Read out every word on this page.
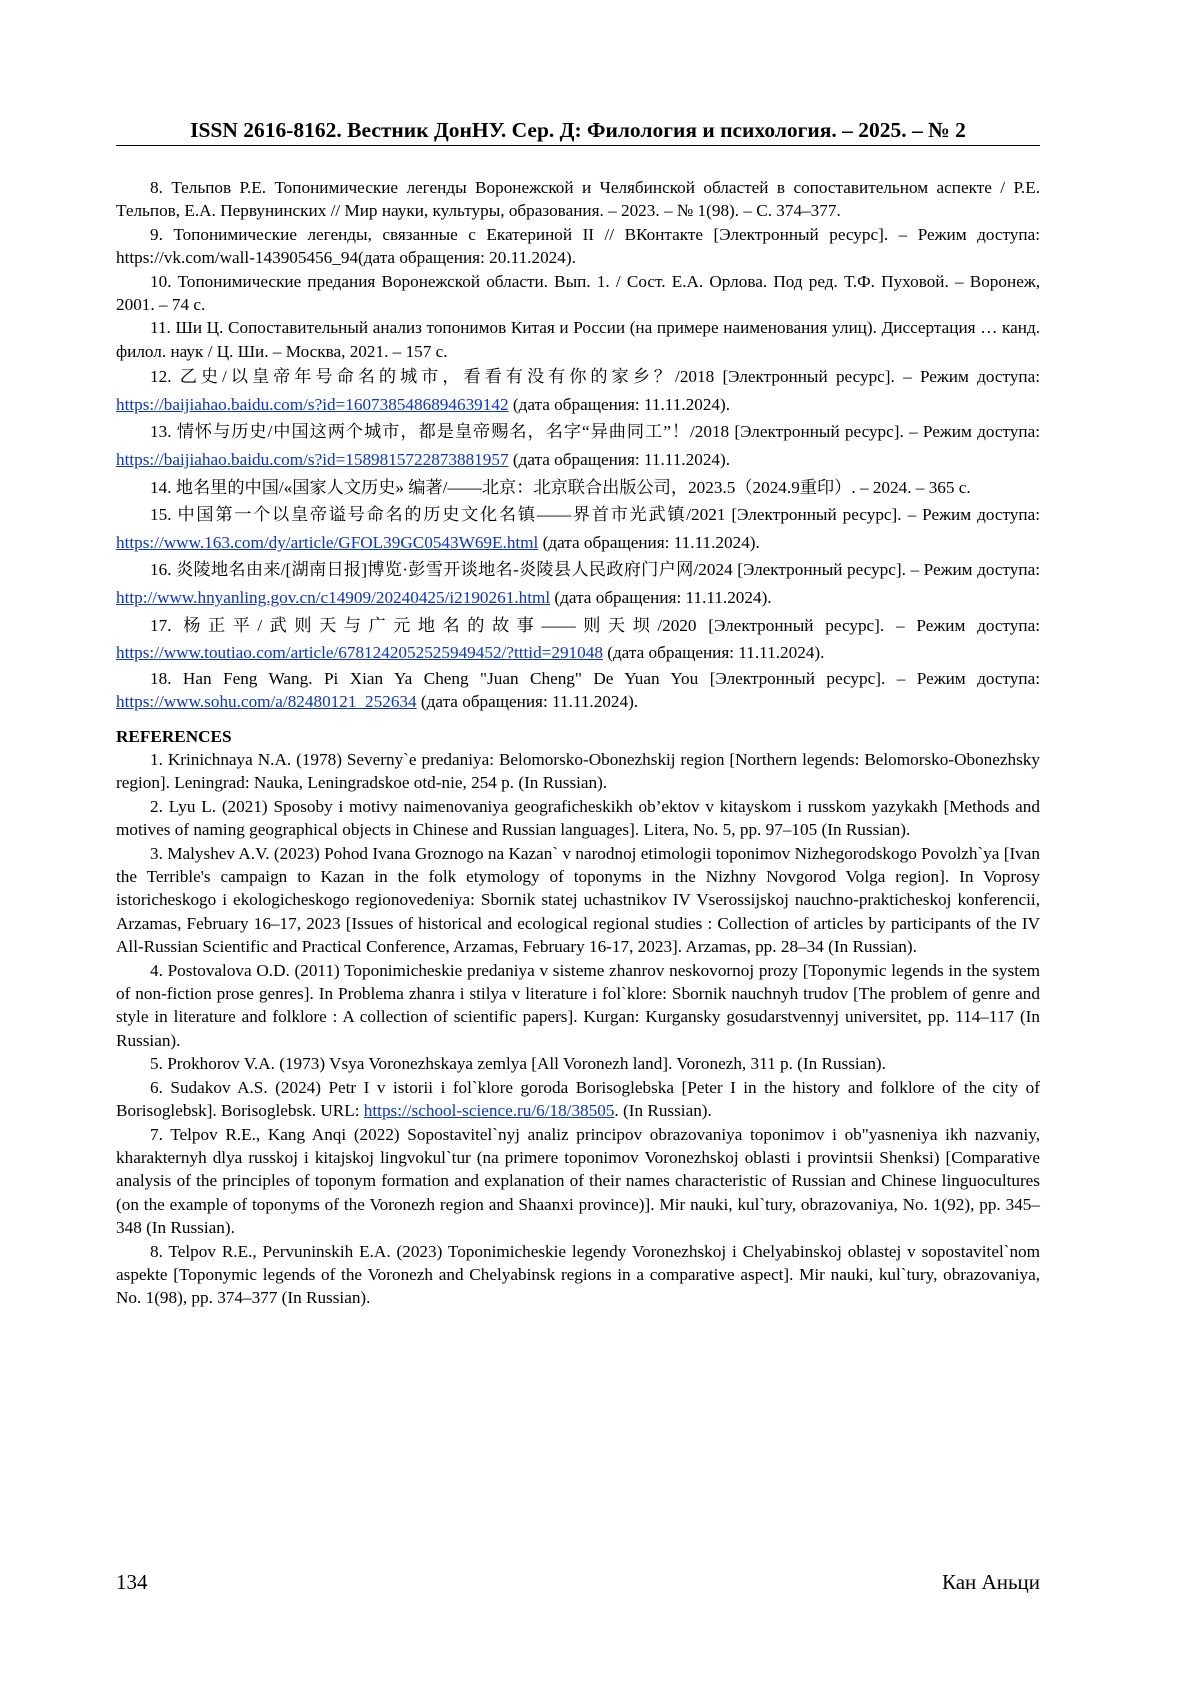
ISSN 2616-8162. Вестник ДонНУ. Сер. Д: Филология и психология. – 2025. – № 2

8. Тельпов Р.Е. Топонимические легенды Воронежской и Челябинской областей в сопоставительном аспекте / Р.Е. Тельпов, Е.А. Первунинских // Мир науки, культуры, образования. – 2023. – № 1(98). – С. 374–377.

9. Топонимические легенды, связанные с Екатериной II // ВКонтакте [Электронный ресурс]. – Режим доступа: https://vk.com/wall-143905456_94(дата обращения: 20.11.2024).

10. Топонимические предания Воронежской области. Вып. 1. / Сост. Е.А. Орлова. Под ред. Т.Ф. Пуховой. – Воронеж, 2001. – 74 с.

11. Ши Ц. Сопоставительный анализ топонимов Китая и России (на примере наименования улиц). Диссертация … канд. филол. наук / Ц. Ши. – Москва, 2021. – 157 с.

12. 乙史/以皇帝年号命名的城市，看看有没有你的家乡？/2018 [Электронный ресурс]. – Режим доступа: https://baijiahao.baidu.com/s?id=1607385486894639142 (дата обращения: 11.11.2024).

13. 情怀与历史/中国这两个城市，都是皇帝赐名，名字“异曲同工”！/2018 [Электронный ресурс]. – Режим доступа: https://baijiahao.baidu.com/s?id=1589815722873881957 (дата обращения: 11.11.2024).

14. 地名里的中国/«国家人文历史» 编著/——北京：北京联合出版公司，2023.5（2024.9重印）. – 2024. – 365 с.

15. 中国第一个以皇帝谥号命名的历史文化名镇——界首市光武镇/2021 [Электронный ресурс]. – Режим доступа: https://www.163.com/dy/article/GFOL39GC0543W69E.html (дата обращения: 11.11.2024).

16. 炎陵地名由来/[湖南日报]博览·彭雪开谈地名-炎陵县人民政府门户网/2024 [Электронный ресурс]. – Режим доступа: http://www.hnyanling.gov.cn/c14909/20240425/i2190261.html (дата обращения: 11.11.2024).

17. 杨正平/武则天与广元地名的故事——则天坝/2020 [Электронный ресурс]. – Режим доступа: https://www.toutiao.com/article/6781242052525949452/?tttid=291048 (дата обращения: 11.11.2024).

18. Han Feng Wang. Pi Xian Ya Cheng "Juan Cheng" De Yuan You [Электронный ресурс]. – Режим доступа: https://www.sohu.com/a/82480121_252634 (дата обращения: 11.11.2024).

REFERENCES

1. Krinichnaya N.A. (1978) Severny`e predaniya: Belomorsko-Obonezhskij region [Northern legends: Belomorsko-Obonezhsky region]. Leningrad: Nauka, Leningradskoe otd-nie, 254 p. (In Russian).

2. Lyu L. (2021) Sposoby i motivy naimenovaniya geograficheskikh ob’ektov v kitayskom i russkom yazykakh [Methods and motives of naming geographical objects in Chinese and Russian languages]. Litera, No. 5, pp. 97–105 (In Russian).

3. Malyshev A.V. (2023) Pohod Ivana Groznogo na Kazan` v narodnoj etimologii toponimov Nizhegorodskogo Povolzh`ya [Ivan the Terrible's campaign to Kazan in the folk etymology of toponyms in the Nizhny Novgorod Volga region]. In Voprosy istoricheskogo i ekologicheskogo regionovedeniya: Sbornik statej uchastnikov IV Vserossijskoj nauchno-prakticheskoj konferencii, Arzamas, February 16–17, 2023 [Issues of historical and ecological regional studies : Collection of articles by participants of the IV All-Russian Scientific and Practical Conference, Arzamas, February 16-17, 2023]. Arzamas, pp. 28–34 (In Russian).

4. Postovalova O.D. (2011) Toponimicheskie predaniya v sisteme zhanrov neskovornoj prozy [Toponymic legends in the system of non-fiction prose genres]. In Problema zhanra i stilya v literature i fol`klore: Sbornik nauchnyh trudov [The problem of genre and style in literature and folklore : A collection of scientific papers]. Kurgan: Kurgansky gosudarstvennyj universitet, pp. 114–117 (In Russian).

5. Prokhorov V.A. (1973) Vsya Voronezhskaya zemlya [All Voronezh land]. Voronezh, 311 p. (In Russian).

6. Sudakov A.S. (2024) Petr I v istorii i fol`klore goroda Borisoglebska [Peter I in the history and folklore of the city of Borisoglebsk]. Borisoglebsk. URL: https://school-science.ru/6/18/38505. (In Russian).

7. Telpov R.E., Kang Anqi (2022) Sopostavitel`nyj analiz principov obrazovaniya toponimov i ob"yasneniya ikh nazvaniy, kharakternyh dlya russkoj i kitajskoj lingvokul`tur (na primere toponimov Voronezhskoj oblasti i provintsii Shenksi) [Comparative analysis of the principles of toponym formation and explanation of their names characteristic of Russian and Chinese linguocultures (on the example of toponyms of the Voronezh region and Shaanxi province)]. Mir nauki, kul`tury, obrazovaniya, No. 1(92), pp. 345–348 (In Russian).

8. Telpov R.E., Pervuninskih E.A. (2023) Toponimicheskie legendy Voronezhskoj i Chelyabinskoj oblastej v sopostavitel`nom aspekte [Toponymic legends of the Voronezh and Chelyabinsk regions in a comparative aspect]. Mir nauki, kul`tury, obrazovaniya, No. 1(98), pp. 374–377 (In Russian).

134	Кан Аньци
